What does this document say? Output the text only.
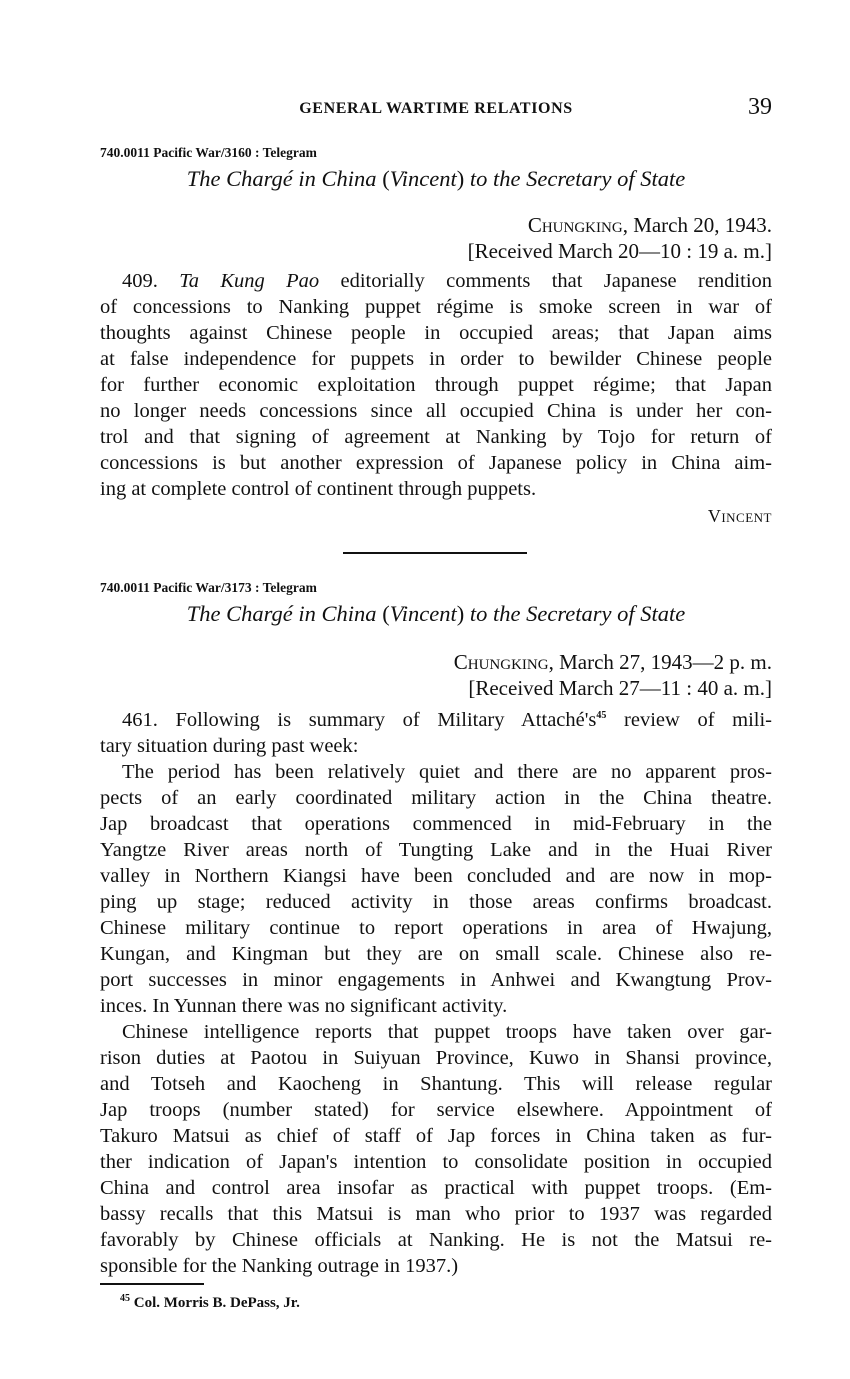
GENERAL WARTIME RELATIONS	39
740.0011 Pacific War/3160 : Telegram
The Chargé in China (Vincent) to the Secretary of State
Chungking, March 20, 1943.
[Received March 20—10 : 19 a. m.]
409. Ta Kung Pao editorially comments that Japanese rendition
of concessions to Nanking puppet régime is smoke screen in war of
thoughts against Chinese people in occupied areas; that Japan aims
at false independence for puppets in order to bewilder Chinese people
for further economic exploitation through puppet régime; that Japan
no longer needs concessions since all occupied China is under her con-
trol and that signing of agreement at Nanking by Tojo for return of
concessions is but another expression of Japanese policy in China aim-
ing at complete control of continent through puppets.
Vincent
740.0011 Pacific War/3173 : Telegram
The Chargé in China (Vincent) to the Secretary of State
Chungking, March 27, 1943—2 p. m.
[Received March 27—11 : 40 a. m.]
461. Following is summary of Military $Attaché's^{45}$ review of mili-
tary situation during past week:
The period has been relatively quiet and there are no apparent pros-
pects of an early coordinated military action in the China theatre.
Jap broadcast that operations commenced in mid-February in the
Yangtze River areas north of Tungting Lake and in the Huai River
valley in Northern Kiangsi have been concluded and are now in mop-
ping up stage; reduced activity in those areas confirms broadcast.
Chinese military continue to report operations in area of Hwajung,
Kungan, and Kingman but they are on small scale. Chinese also re-
port successes in minor engagements in Anhwei and Kwangtung Prov-
inces. In Yunnan there was no significant activity.
Chinese intelligence reports that puppet troops have taken over gar-
rison duties at Paotou in Suiyuan Province, Kuwo in Shansi province,
and Totseh and Kaocheng in Shantung. This will release regular
Jap troops (number stated) for service elsewhere. Appointment of
Takuro Matsui as chief of staff of Jap forces in China taken as fur-
ther indication of Japan's intention to consolidate position in occupied
China and control area insofar as practical with puppet troops. (Em-
bassy recalls that this Matsui is man who prior to 1937 was regarded
favorably by Chinese officials at Nanking. He is not the Matsui re-
sponsible for the Nanking outrage in 1937.)
$^{45}$ Col. Morris B. DePass, Jr.
